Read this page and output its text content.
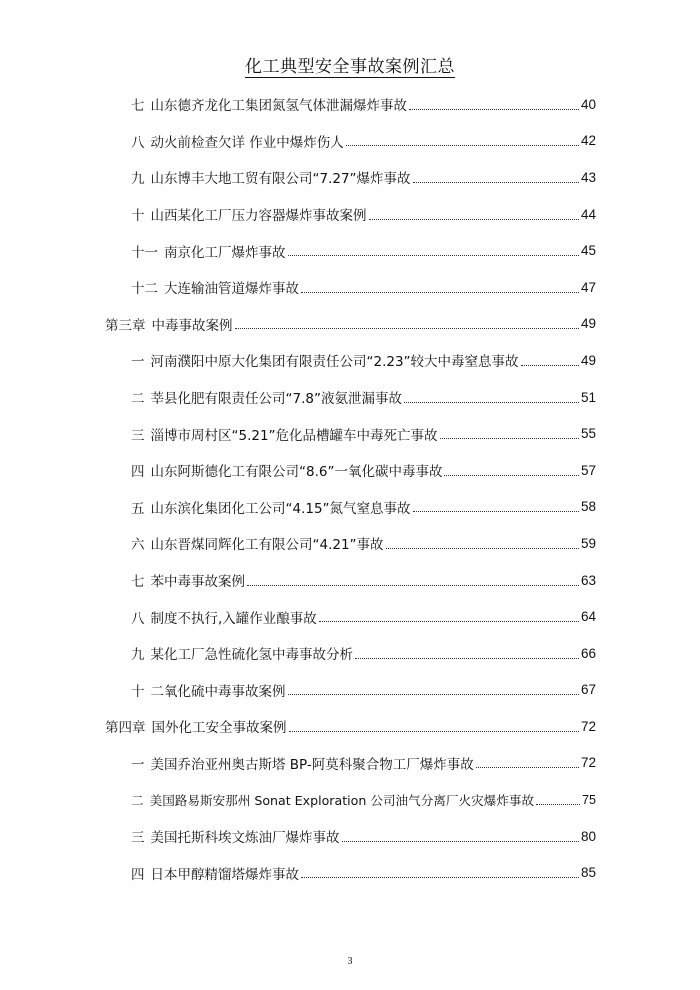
化工典型安全事故案例汇总
七 山东德齐龙化工集团氮氢气体泄漏爆炸事故	40
八 动火前检查欠详 作业中爆炸伤人	42
九 山东博丰大地工贸有限公司“7.27”爆炸事故	43
十 山西某化工厂压力容器爆炸事故案例	44
十一 南京化工厂爆炸事故	45
十二 大连输油管道爆炸事故	47
第三章 中毒事故案例	49
一 河南濮阳中原大化集团有限责任公司“2.23”较大中毒窒息事故	49
二 莘县化肥有限责任公司“7.8”液氨泄漏事故	51
三 淄博市周村区“5.21”危化品槽罐车中毒死亡事故	55
四 山东阿斯德化工有限公司“8.6”一氧化碳中毒事故	57
五 山东滨化集团化工公司“4.15”氮气窒息事故	58
六 山东晋煤同辉化工有限公司“4.21”事故	59
七 苯中毒事故案例	63
八 制度不执行,入罐作业酿事故	64
九 某化工厂急性硫化氢中毒事故分析	66
十 二氧化硫中毒事故案例	67
第四章 国外化工安全事故案例	72
一 美国乔治亚州奥古斯塔 BP-阿莫科聚合物工厂爆炸事故	72
二 美国路易斯安那州 Sonat Exploration 公司油气分离厂火灾爆炸事故	75
三 美国托斯科埃文炼油厂爆炸事故	80
四 日本甲醇精馏塔爆炸事故	85
3
